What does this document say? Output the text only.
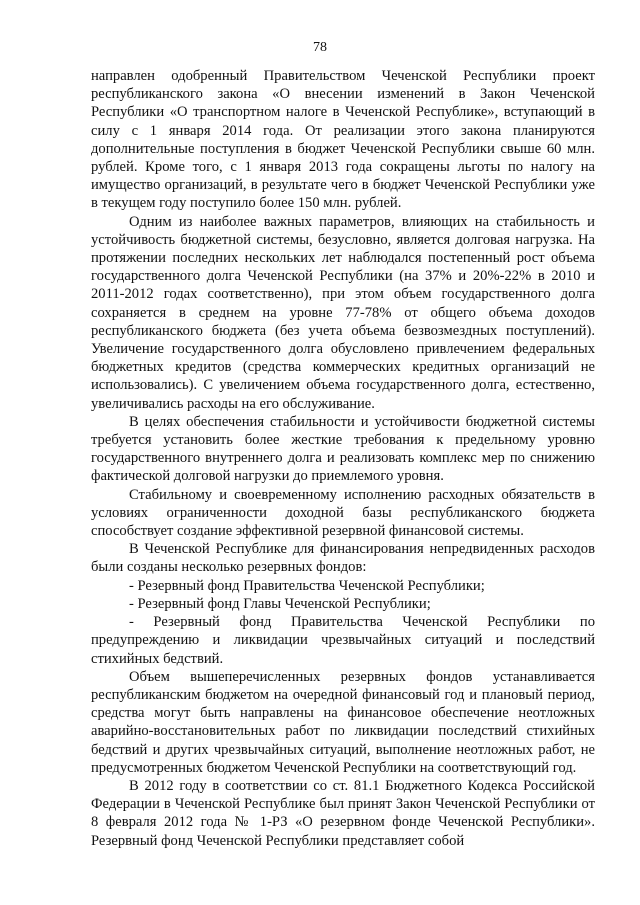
78

направлен одобренный Правительством Чеченской Республики проект республиканского закона «О внесении изменений в Закон Чеченской Республики «О транспортном налоге в Чеченской Республике», вступающий в силу с 1 января 2014 года. От реализации этого закона планируются дополнительные поступления в бюджет Чеченской Республики свыше 60 млн. рублей. Кроме того, с 1 января 2013 года сокращены льготы по налогу на имущество организаций, в результате чего в бюджет Чеченской Республики уже в текущем году поступило более 150 млн. рублей.

Одним из наиболее важных параметров, влияющих на стабильность и устойчивость бюджетной системы, безусловно, является долговая нагрузка. На протяжении последних нескольких лет наблюдался постепенный рост объема государственного долга Чеченской Республики (на 37% и 20%-22% в 2010 и 2011-2012 годах соответственно), при этом объем государственного долга сохраняется в среднем на уровне 77-78% от общего объема доходов республиканского бюджета (без учета объема безвозмездных поступлений). Увеличение государственного долга обусловлено привлечением федеральных бюджетных кредитов (средства коммерческих кредитных организаций не использовались). С увеличением объема государственного долга, естественно, увеличивались расходы на его обслуживание.

В целях обеспечения стабильности и устойчивости бюджетной системы требуется установить более жесткие требования к предельному уровню государственного внутреннего долга и реализовать комплекс мер по снижению фактической долговой нагрузки до приемлемого уровня.

Стабильному и своевременному исполнению расходных обязательств в условиях ограниченности доходной базы республиканского бюджета способствует создание эффективной резервной финансовой системы.

В Чеченской Республике для финансирования непредвиденных расходов были созданы несколько резервных фондов:

- Резервный фонд Правительства Чеченской Республики;

- Резервный фонд Главы Чеченской Республики;

- Резервный фонд Правительства Чеченской Республики по предупреждению и ликвидации чрезвычайных ситуаций и последствий стихийных бедствий.

Объем вышеперечисленных резервных фондов устанавливается республиканским бюджетом на очередной финансовый год и плановый период, средства могут быть направлены на финансовое обеспечение неотложных аварийно-восстановительных работ по ликвидации последствий стихийных бедствий и других чрезвычайных ситуаций, выполнение неотложных работ, не предусмотренных бюджетом Чеченской Республики на соответствующий год.

В 2012 году в соответствии со ст. 81.1 Бюджетного Кодекса Российской Федерации в Чеченской Республике был принят Закон Чеченской Республики от 8 февраля 2012 года № 1-РЗ «О резервном фонде Чеченской Республики». Резервный фонд Чеченской Республики представляет собой
